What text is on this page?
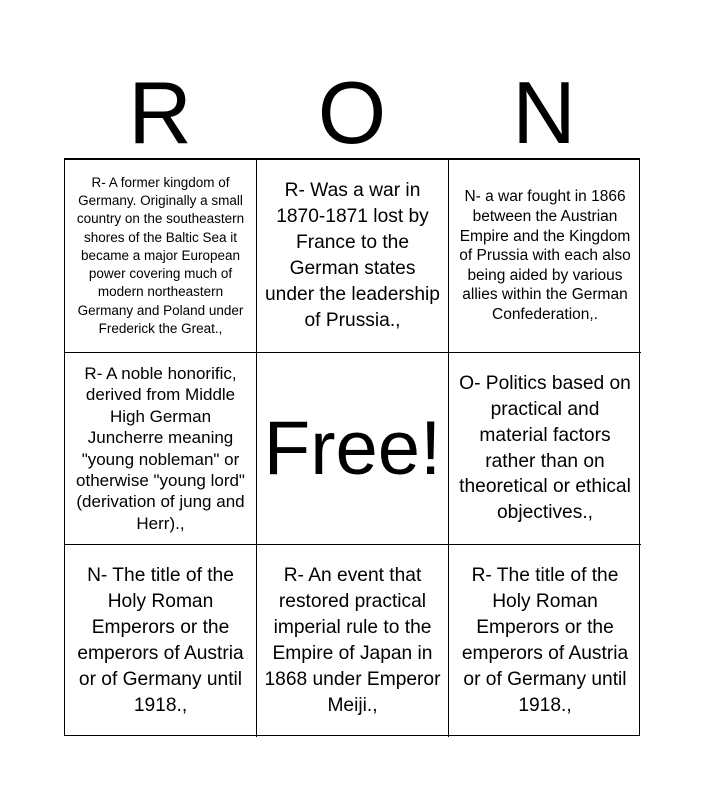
R	O	N
R- A former kingdom of Germany. Originally a small country on the southeastern shores of the Baltic Sea it became a major European power covering much of modern northeastern Germany and Poland under Frederick the Great.,
R- Was a war in 1870-1871 lost by France to the German states under the leadership of Prussia.,
N- a war fought in 1866 between the Austrian Empire and the Kingdom of Prussia with each also being aided by various allies within the German Confederation,.
R- A noble honorific, derived from Middle High German Juncherre meaning "young nobleman" or otherwise "young lord" (derivation of jung and Herr).,
Free!
O- Politics based on practical and material factors rather than on theoretical or ethical objectives.,
N- The title of the Holy Roman Emperors or the emperors of Austria or of Germany until 1918.,
R- An event that restored practical imperial rule to the Empire of Japan in 1868 under Emperor Meiji.,
R- The title of the Holy Roman Emperors or the emperors of Austria or of Germany until 1918.,
